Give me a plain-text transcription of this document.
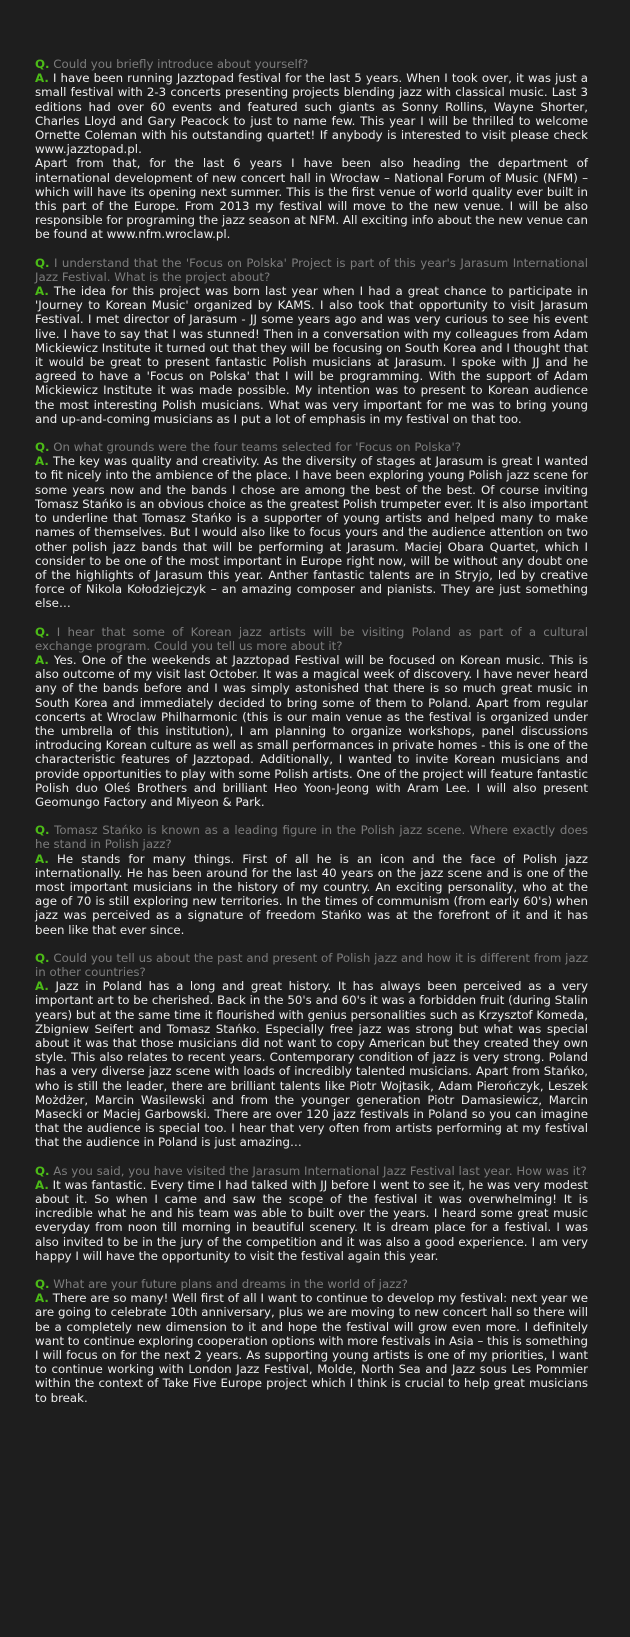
Q. Could you briefly introduce about yourself?

A. I have been running Jazztopad festival for the last 5 years. When I took over, it was just a small festival with 2-3 concerts presenting projects blending jazz with classical music. Last 3 editions had over 60 events and featured such giants as Sonny Rollins, Wayne Shorter, Charles Lloyd and Gary Peacock to just to name few. This year I will be thrilled to welcome Ornette Coleman with his outstanding quartet! If anybody is interested to visit please check www.jazztopad.pl.

Apart from that, for the last 6 years I have been also heading the department of international development of new concert hall in Wrocław – National Forum of Music (NFM) – which will have its opening next summer. This is the first venue of world quality ever built in this part of the Europe. From 2013 my festival will move to the new venue. I will be also responsible for programing the jazz season at NFM. All exciting info about the new venue can be found at www.nfm.wroclaw.pl.

Q. I understand that the 'Focus on Polska' Project is part of this year's Jarasum International Jazz Festival. What is the project about?

A. The idea for this project was born last year when I had a great chance to participate in 'Journey to Korean Music' organized by KAMS. I also took that opportunity to visit Jarasum Festival. I met director of Jarasum - JJ some years ago and was very curious to see his event live. I have to say that I was stunned! Then in a conversation with my colleagues from Adam Mickiewicz Institute it turned out that they will be focusing on South Korea and I thought that it would be great to present fantastic Polish musicians at Jarasum. I spoke with JJ and he agreed to have a 'Focus on Polska' that I will be programming. With the support of Adam Mickiewicz Institute it was made possible. My intention was to present to Korean audience the most interesting Polish musicians. What was very important for me was to bring young and up-and-coming musicians as I put a lot of emphasis in my festival on that too.

Q. On what grounds were the four teams selected for 'Focus on Polska'?

A. The key was quality and creativity. As the diversity of stages at Jarasum is great I wanted to fit nicely into the ambience of the place. I have been exploring young Polish jazz scene for some years now and the bands I chose are among the best of the best. Of course inviting Tomasz Stańko is an obvious choice as the greatest Polish trumpeter ever. It is also important to underline that Tomasz Stańko is a supporter of young artists and helped many to make names of themselves. But I would also like to focus yours and the audience attention on two other polish jazz bands that will be performing at Jarasum. Maciej Obara Quartet, which I consider to be one of the most important in Europe right now, will be without any doubt one of the highlights of Jarasum this year. Anther fantastic talents are in Stryjo, led by creative force of Nikola Kołodziejczyk – an amazing composer and pianists. They are just something else…

Q. I hear that some of Korean jazz artists will be visiting Poland as part of a cultural exchange program. Could you tell us more about it?

A. Yes. One of the weekends at Jazztopad Festival will be focused on Korean music. This is also outcome of my visit last October. It was a magical week of discovery. I have never heard any of the bands before and I was simply astonished that there is so much great music in South Korea and immediately decided to bring some of them to Poland. Apart from regular concerts at Wroclaw Philharmonic (this is our main venue as the festival is organized under the umbrella of this institution), I am planning to organize workshops, panel discussions introducing Korean culture as well as small performances in private homes - this is one of the characteristic features of Jazztopad. Additionally, I wanted to invite Korean musicians and provide opportunities to play with some Polish artists. One of the project will feature fantastic Polish duo Oleś Brothers and brilliant Heo Yoon-Jeong with Aram Lee. I will also present Geomungo Factory and Miyeon & Park.

Q. Tomasz Stańko is known as a leading figure in the Polish jazz scene. Where exactly does he stand in Polish jazz?

A. He stands for many things. First of all he is an icon and the face of Polish jazz internationally. He has been around for the last 40 years on the jazz scene and is one of the most important musicians in the history of my country. An exciting personality, who at the age of 70 is still exploring new territories. In the times of communism (from early 60's) when jazz was perceived as a signature of freedom Stańko was at the forefront of it and it has been like that ever since.

Q. Could you tell us about the past and present of Polish jazz and how it is different from jazz in other countries?

A. Jazz in Poland has a long and great history. It has always been perceived as a very important art to be cherished. Back in the 50's and 60's it was a forbidden fruit (during Stalin years) but at the same time it flourished with genius personalities such as Krzysztof Komeda, Zbigniew Seifert and Tomasz Stańko. Especially free jazz was strong but what was special about it was that those musicians did not want to copy American but they created they own style. This also relates to recent years. Contemporary condition of jazz is very strong. Poland has a very diverse jazz scene with loads of incredibly talented musicians. Apart from Stańko, who is still the leader, there are brilliant talents like Piotr Wojtasik, Adam Pierończyk, Leszek Możdżer, Marcin Wasilewski and from the younger generation Piotr Damasiewicz, Marcin Masecki or Maciej Garbowski. There are over 120 jazz festivals in Poland so you can imagine that the audience is special too. I hear that very often from artists performing at my festival that the audience in Poland is just amazing…

Q. As you said, you have visited the Jarasum International Jazz Festival last year. How was it?

A. It was fantastic. Every time I had talked with JJ before I went to see it, he was very modest about it. So when I came and saw the scope of the festival it was overwhelming! It is incredible what he and his team was able to built over the years. I heard some great music everyday from noon till morning in beautiful scenery. It is dream place for a festival. I was also invited to be in the jury of the competition and it was also a good experience. I am very happy I will have the opportunity to visit the festival again this year.

Q. What are your future plans and dreams in the world of jazz?

A. There are so many! Well first of all I want to continue to develop my festival: next year we are going to celebrate 10th anniversary, plus we are moving to new concert hall so there will be a completely new dimension to it and hope the festival will grow even more. I definitely want to continue exploring cooperation options with more festivals in Asia – this is something I will focus on for the next 2 years. As supporting young artists is one of my priorities, I want to continue working with London Jazz Festival, Molde, North Sea and Jazz sous Les Pommier within the context of Take Five Europe project which I think is crucial to help great musicians to break.
